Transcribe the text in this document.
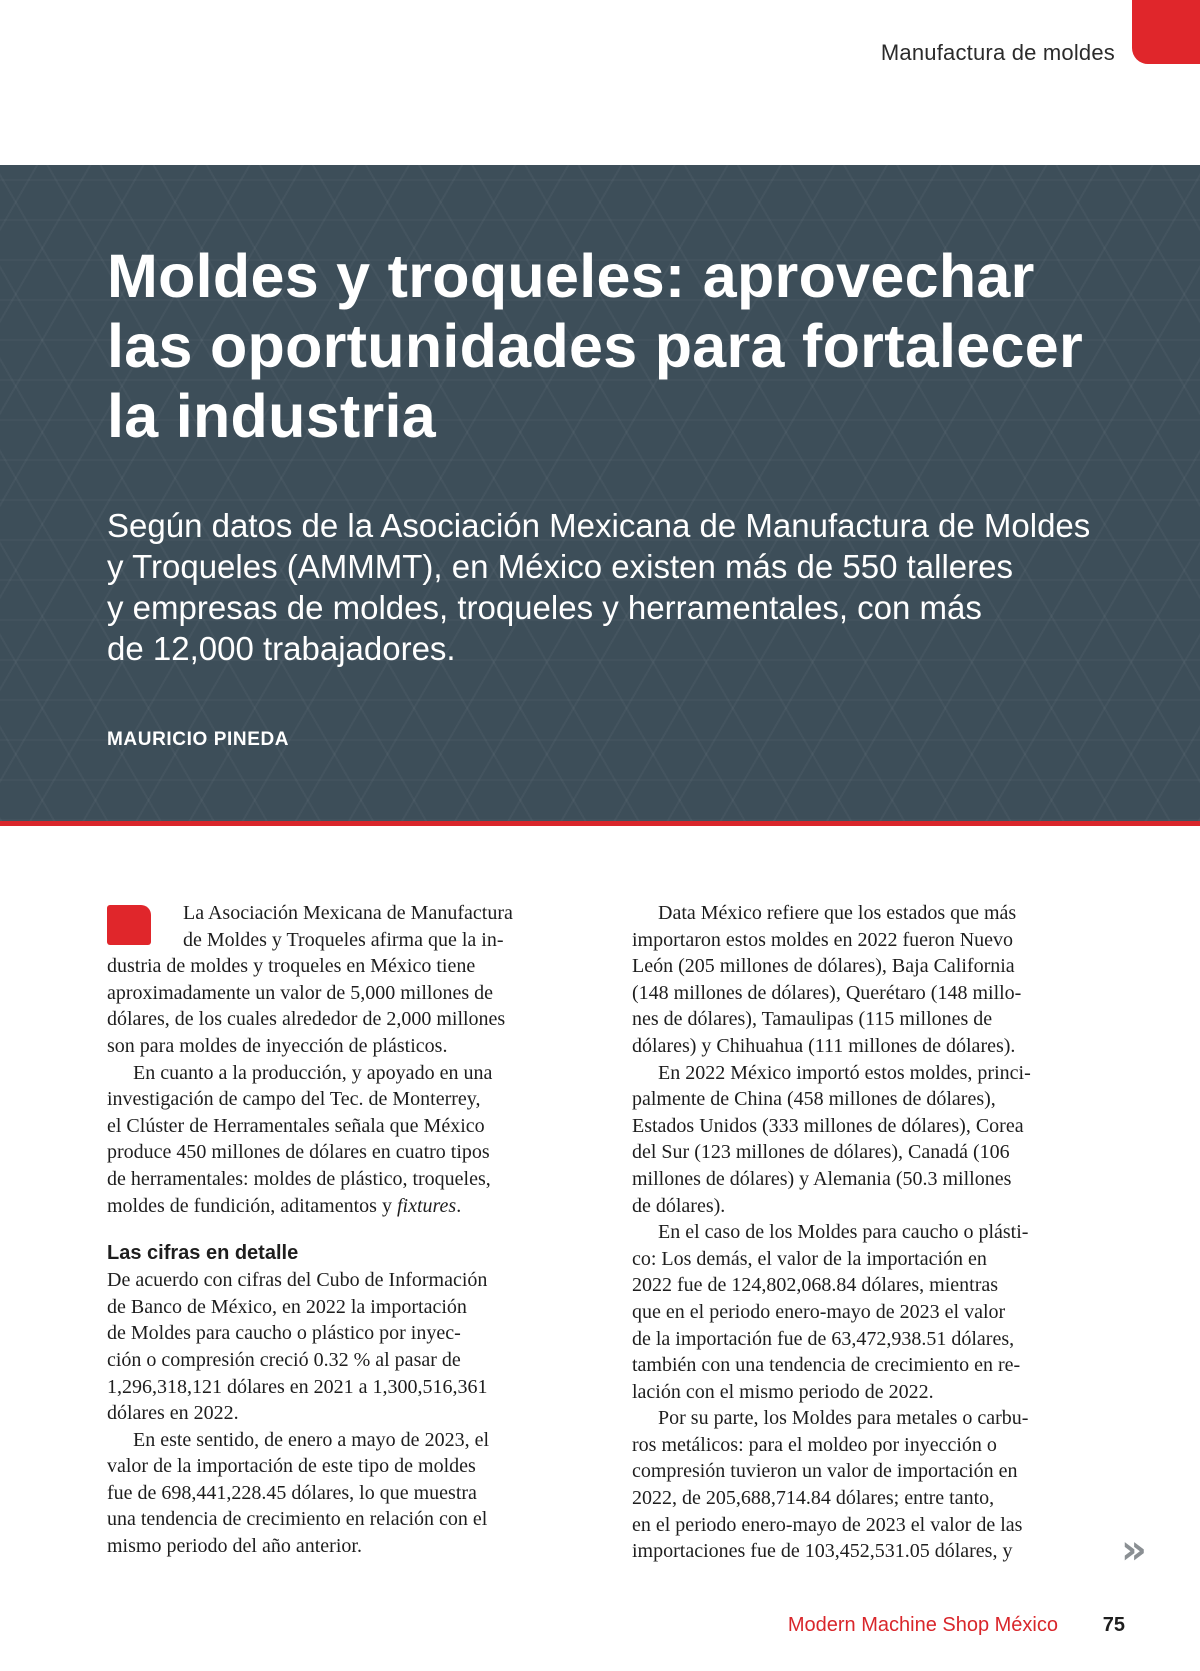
Manufactura de moldes
Moldes y troqueles: aprovechar
las oportunidades para fortalecer
la industria

Según datos de la Asociación Mexicana de Manufactura de Moldes
y Troqueles (AMMMT), en México existen más de 550 talleres
y empresas de moldes, troqueles y herramentales, con más
de 12,000 trabajadores.

MAURICIO PINEDA

La Asociación Mexicana de Manufactura
de Moldes y Troqueles afirma que la in-
dustria de moldes y troqueles en México tiene
aproximadamente un valor de 5,000 millones de
dólares, de los cuales alrededor de 2,000 millones
son para moldes de inyección de plásticos.

En cuanto a la producción, y apoyado en una
investigación de campo del Tec. de Monterrey,
el Clúster de Herramentales señala que México
produce 450 millones de dólares en cuatro tipos
de herramentales: moldes de plástico, troqueles,
moldes de fundición, aditamentos y fixtures.

Las cifras en detalle

De acuerdo con cifras del Cubo de Información
de Banco de México, en 2022 la importación
de Moldes para caucho o plástico por inyec-
ción o compresión creció 0.32 % al pasar de
1,296,318,121 dólares en 2021 a 1,300,516,361
dólares en 2022.

En este sentido, de enero a mayo de 2023, el
valor de la importación de este tipo de moldes
fue de 698,441,228.45 dólares, lo que muestra
una tendencia de crecimiento en relación con el
mismo periodo del año anterior.

Data México refiere que los estados que más
importaron estos moldes en 2022 fueron Nuevo
León (205 millones de dólares), Baja California
(148 millones de dólares), Querétaro (148 millo-
nes de dólares), Tamaulipas (115 millones de
dólares) y Chihuahua (111 millones de dólares).

En 2022 México importó estos moldes, princi-
palmente de China (458 millones de dólares),
Estados Unidos (333 millones de dólares), Corea
del Sur (123 millones de dólares), Canadá (106
millones de dólares) y Alemania (50.3 millones
de dólares).

En el caso de los Moldes para caucho o plásti-
co: Los demás, el valor de la importación en
2022 fue de 124,802,068.84 dólares, mientras
que en el periodo enero-mayo de 2023 el valor
de la importación fue de 63,472,938.51 dólares,
también con una tendencia de crecimiento en re-
lación con el mismo periodo de 2022.

Por su parte, los Moldes para metales o carbu-
ros metálicos: para el moldeo por inyección o
compresión tuvieron un valor de importación en
2022, de 205,688,714.84 dólares; entre tanto,
en el periodo enero-mayo de 2023 el valor de las
importaciones fue de 103,452,531.05 dólares, y	»
Modern Machine Shop México 75
